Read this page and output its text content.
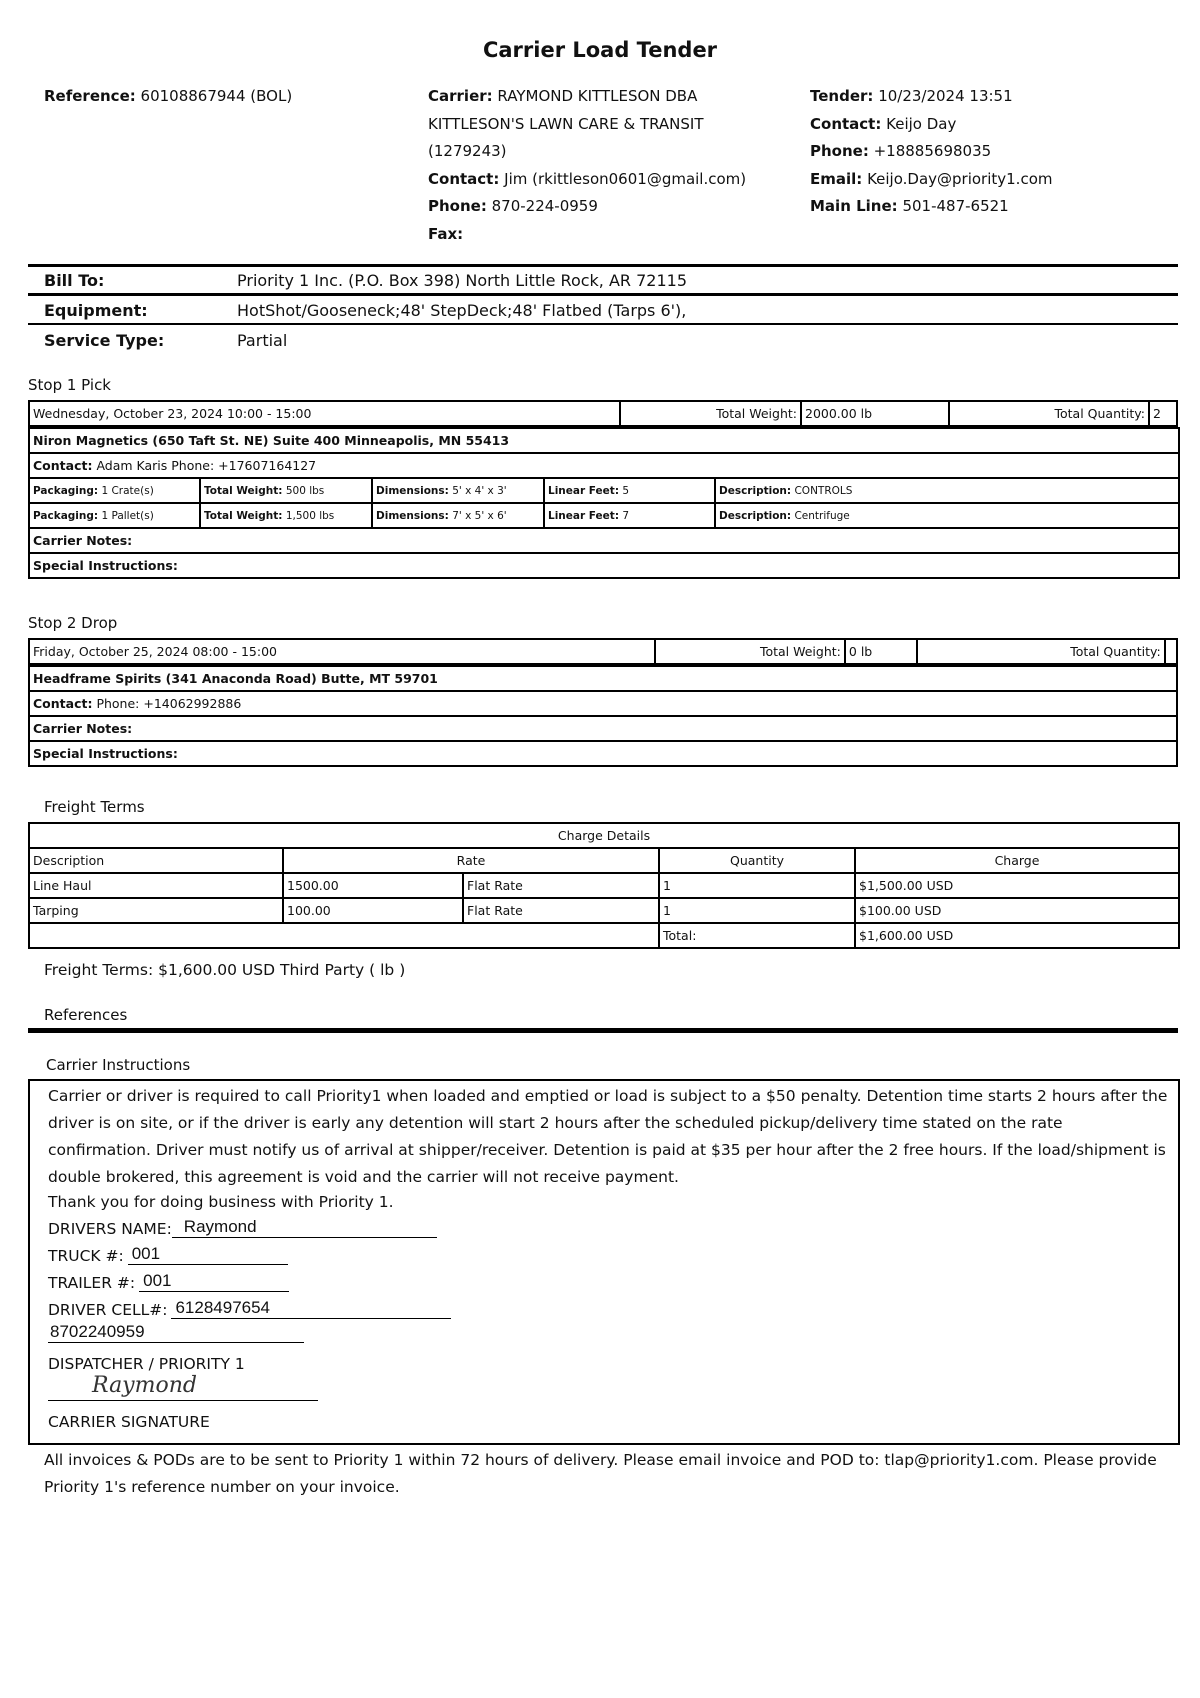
Carrier Load Tender
Reference: 60108867944 (BOL)	Carrier: RAYMOND KITTLESON DBA
KITTLESON'S LAWN CARE & TRANSIT
(1279243)
Contact: Jim (rkittleson0601@gmail.com)
Phone: 870-224-0959
Fax:
Tender: 10/23/2024 13:51
Contact: Keijo Day
Phone: +18885698035
Email: Keijo.Day@priority1.com
Main Line: 501-487-6521
Bill To:	Priority 1 Inc. (P.O. Box 398) North Little Rock, AR 72115
Equipment:	HotShot/Gooseneck;48' StepDeck;48' Flatbed (Tarps 6'),
Service Type:	Partial
Stop 1 Pick
Wednesday, October 23, 2024 10:00 - 15:00	Total Weight:	2000.00 lb	Total Quantity:	2
Niron Magnetics (650 Taft St. NE) Suite 400 Minneapolis, MN 55413				
Contact: Adam Karis Phone: +17607164127				
Packaging: 1 Crate(s)	Total Weight: 500 lbs	Dimensions: 5' x 4' x 3'	Linear Feet: 5	Description: CONTROLS
Packaging: 1 Pallet(s)	Total Weight: 1,500 lbs	Dimensions: 7' x 5' x 6'	Linear Feet: 7	Description: Centrifuge
Carrier Notes:				
Special Instructions:				
Stop 2 Drop
Friday, October 25, 2024 08:00 - 15:00	Total Weight:	0 lb	Total Quantity:	
Headframe Spirits (341 Anaconda Road) Butte, MT 59701
Contact: Phone: +14062992886
Carrier Notes:
Special Instructions:
Freight Terms
Charge Details				
Description	Rate		Quantity	Charge
Line Haul	1500.00	Flat Rate	1	$1,500.00 USD
Tarping	100.00	Flat Rate	1	$100.00 USD
			Total:	$1,600.00 USD
Freight Terms: $1,600.00 USD Third Party ( lb )
References
Carrier Instructions
Carrier or driver is required to call Priority1 when loaded and emptied or load is subject to a $50 penalty. Detention time starts 2 hours after the driver is on site, or if the driver is early any detention will start 2 hours after the scheduled pickup/delivery time stated on the rate confirmation. Driver must notify us of arrival at shipper/receiver. Detention is paid at $35 per hour after the 2 free hours. If the load/shipment is double brokered, this agreement is void and the carrier will not receive payment.
Thank you for doing business with Priority 1.
DRIVERS NAME: Raymond
TRUCK #: 001
TRAILER #: 001
DRIVER CELL#: 6128497654
8702240959
DISPATCHER / PRIORITY 1
Raymond
CARRIER SIGNATURE
All invoices & PODs are to be sent to Priority 1 within 72 hours of delivery. Please email invoice and POD to: tlap@priority1.com. Please provide Priority 1's reference number on your invoice.
